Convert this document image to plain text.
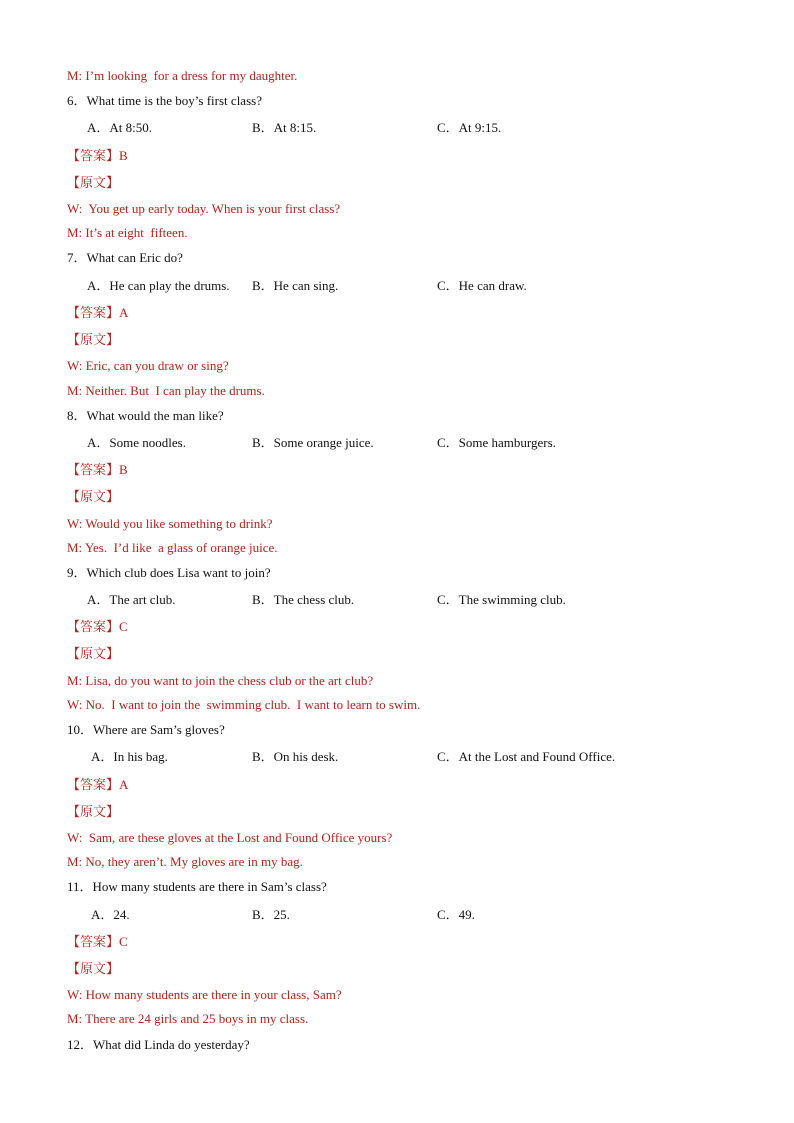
M: I’m looking  for a dress for my daughter.
6．What time is the boy’s first class?
A．At 8:50.	B．At 8:15.	C．At 9:15.
【答案】B
【原文】
W:  You get up early today. When is your first class?
M: It’s at eight  fifteen.
7．What can Eric do?
A．He can play the drums. B．He can sing.	C．He can draw.
【答案】A
【原文】
W: Eric, can you draw or sing?
M: Neither. But  I can play the drums.
8．What would the man like?
A．Some noodles.	B．Some orange juice.	C．Some hamburgers.
【答案】B
【原文】
W: Would you like something to drink?
M: Yes.  I’d like  a glass of orange juice.
9．Which club does Lisa want to join?
A．The art club.	B．The chess club.	C．The swimming club.
【答案】C
【原文】
M: Lisa, do you want to join the chess club or the art club?
W: No.  I want to join the  swimming club.  I want to learn to swim.
10．Where are Sam’s gloves?
A．In his bag.	B．On his desk.	C．At the Lost and Found Office.
【答案】A
【原文】
W:  Sam, are these gloves at the Lost and Found Office yours?
M: No, they aren’t. My gloves are in my bag.
11．How many students are there in Sam’s class?
A．24.	B．25.	C．49.
【答案】C
【原文】
W: How many students are there in your class, Sam?
M: There are 24 girls and 25 boys in my class.
12．What did Linda do yesterday?
